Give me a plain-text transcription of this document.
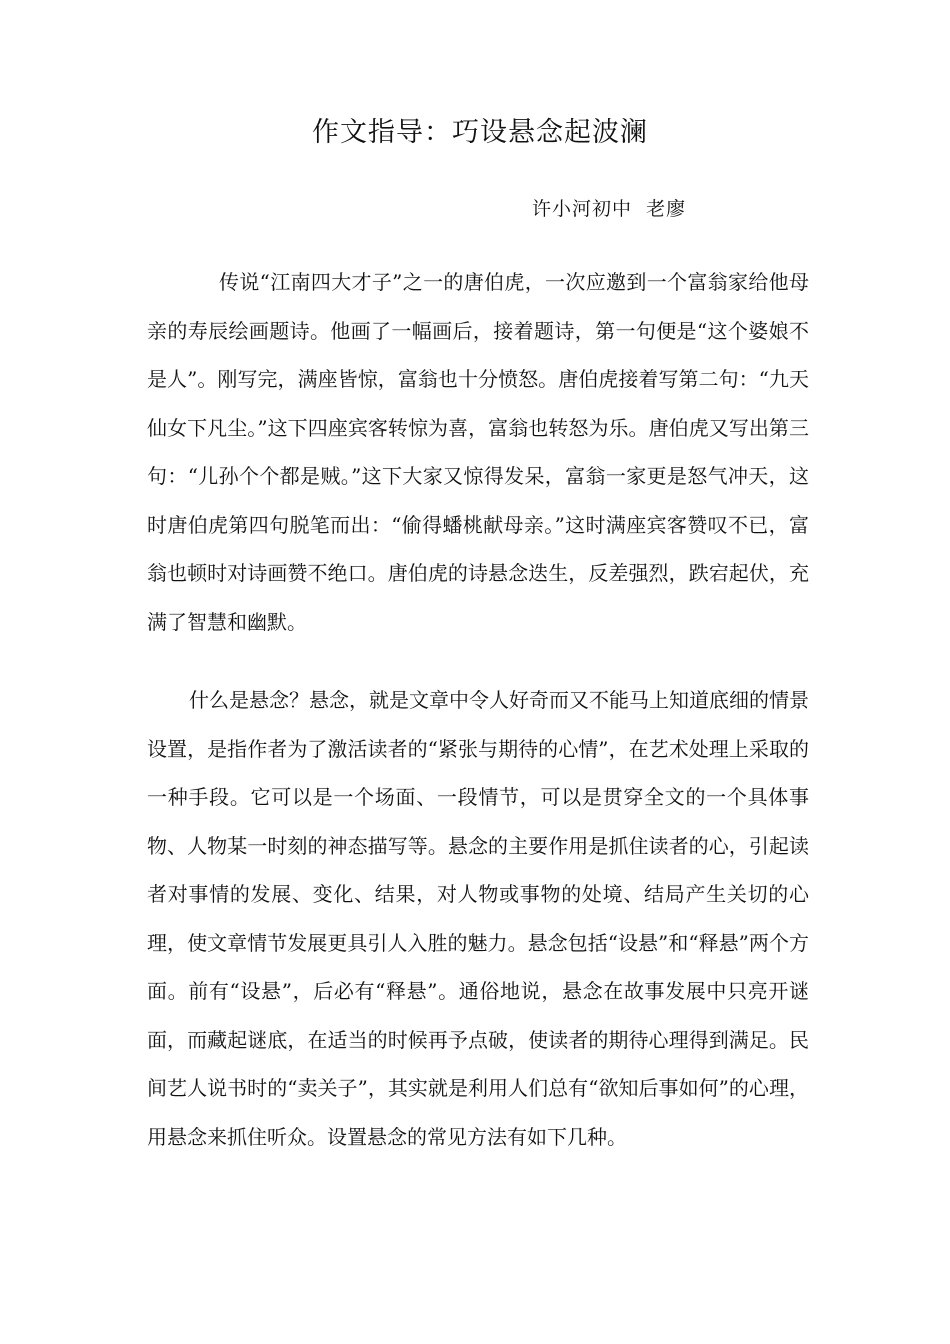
作文指导：巧设悬念起波澜

许小河初中  老廖

传说“江南四大才子”之一的唐伯虎，一次应邀到一个富翁家给他母亲的寿辰绘画题诗。他画了一幅画后，接着题诗，第一句便是“这个婆娘不是人”。刚写完，满座皆惊，富翁也十分愤怒。唐伯虎接着写第二句：“九天仙女下凡尘。”这下四座宾客转惊为喜，富翁也转怒为乐。唐伯虎又写出第三句：“儿孙个个都是贼。”这下大家又惊得发呆，富翁一家更是怒气冲天，这时唐伯虎第四句脱笔而出：“偷得蟠桃献母亲。”这时满座宾客赞叹不已，富翁也顿时对诗画赞不绝口。唐伯虎的诗悬念迭生，反差强烈，跌宕起伏，充满了智慧和幽默。

什么是悬念？悬念，就是文章中令人好奇而又不能马上知道底细的情景设置，是指作者为了激活读者的“紧张与期待的心情”，在艺术处理上采取的一种手段。它可以是一个场面、一段情节，可以是贯穿全文的一个具体事物、人物某一时刻的神态描写等。悬念的主要作用是抓住读者的心，引起读者对事情的发展、变化、结果，对人物或事物的处境、结局产生关切的心理，使文章情节发展更具引人入胜的魅力。悬念包括“设悬”和“释悬”两个方面。前有“设悬”，后必有“释悬”。通俗地说，悬念在故事发展中只亮开谜面，而藏起谜底，在适当的时候再予点破，使读者的期待心理得到满足。民间艺人说书时的“卖关子”，其实就是利用人们总有“欲知后事如何”的心理，用悬念来抓住听众。设置悬念的常见方法有如下几种。
